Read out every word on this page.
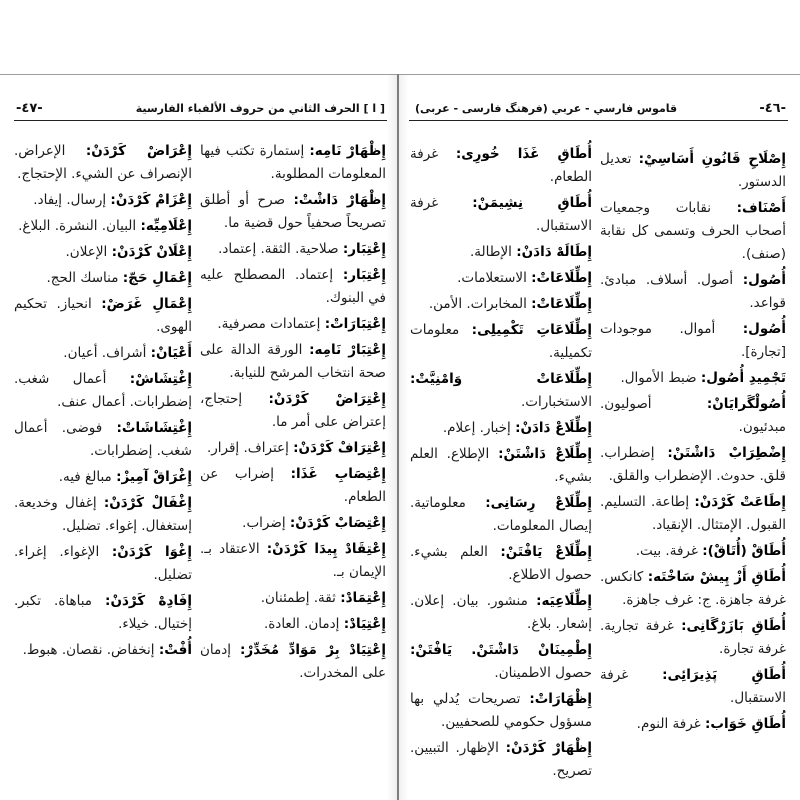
-٤٧-	[ ا ] الحرف الثاني من حروف الألفباء الفارسية

إِظْهَارْ نَامِه: إستمارة تكتب فيها المعلومات المطلوبة.

إِظْهَارْ دَاشْتْ: صرح أو أطلق تصريحاً صحفياً حول قضية ما.

إِعْتِبَار: صلاحية. الثقة. إعتماد.

إِعْتِبَار: إعتماد. المصطلح عليه في البنوك.

إِعْتِبَارَاتْ: إعتمادات مصرفية.

إِعْتِبَارْ نَامِه: الورقة الدالة على صحة انتخاب المرشح للنيابة.

إِعْتِرَاضْ كَرْدَنْ: إحتجاج، إعتراض على أمر ما.

إِعْتِرَافْ كَرْدَنْ: إعتراف. إقرار.

إِعْتِصَابِ غَذَا: إضراب عن الطعام.

إِعْتِصَابْ كَرْدَنْ: إضراب.

إِعْتِقَادْ پِيدَا كَرْدَنْ: الاعتقاد بـ. الإيمان بـ.

إِعْتِمَادْ: ثقة. إطمئنان.

إِعْتِيَادْ: إدمان. العادة.

إِعْتِيَادْ بِرْ مَوَادِّ مُخَدِّرْ: إدمان على المخدرات.

إِعْرَاضْ كَرْدَنْ: الإعراض. الإنصراف عن الشيء. الإحتجاج.

إِعْزَامْ كَرْدَنْ: إرسال. إيفاد.

إِعْلَامِيِّه: البيان. النشرة. البلاغ.

إِعْلَانْ كَرْدَنْ: الإعلان.

إِعْمَالِ حَجّ: مناسك الحج.

إِعْمَالِ غَرَضْ: انحياز. تحكيم الهوى.

أَعْيَانْ: أشراف. أعيان.

إِغْتِشَاشْ: أعمال شغب. إضطرابات. أعمال عنف.

إِغْتِشَاشَاتْ: فوضى. أعمال شغب. إضطرابات.

إِغْرَاقْ آمِيزْ: مبالغ فيه.

إِغْفَالْ كَرْدَنْ: إغفال وخديعة. إستغفال. إغواء. تضليل.

إِغْوَا كَرْدَنْ: الإغواء. إغراء. تضليل.

إِفَادِهْ كَرْدَنْ: مباهاة. تكبر. إختيال. خيلاء.

أُفْتْ: إنخفاض. نقصان. هبوط.

-٤٦-
قاموس فارسي - عربي (فرهنگ فارسى - عربى)

إِصْلَاحِ قَانُونِ أَسَاسِيْ: تعديل الدستور.

أَصْنَاف: نقابات وجمعيات أصحاب الحرف وتسمى كل نقابة (صنف).

أُصُول: أصول. أسلاف. مبادئ. قواعد.

أُصُول: أموال. موجودات [تجارة].

تَجْمِيدِ أُصُول: ضبط الأموال.

أُصُولْگَرايَانْ: أصوليون. مبدئيون.

إِضْطِرَابْ دَاشْتَنْ: إضطراب. قلق. حدوث. الإضطراب والقلق.

إِطَاعَتْ كَرْدَنْ: إطاعة. التسليم. القبول. الإمتثال. الإنقياد.

أُطَاقْ (أُتَاقْ): غرفة. بيت.

أُطَاقِ أَزْ پِيشْ سَاخْتَه: كانكس. غرفة جاهزة. ج: غرف جاهزة.

أُطَاقِ بَازَرْگَانِى: غرفة تجارية. غرفة تجارة.

أُطَاقِ پَذِيرَائِى: غرفة الاستقبال.

أُطَاقِ خَوَاب: غرفة النوم.

أُطَاقِ غَذَا خُورِى: غرفة الطعام.

أُطَاقِ نِشِيمَنْ: غرفة الاستقبال.

إِطَالَهْ دَادَنْ: الإطالة.

إِطِّلَاعَاتْ: الاستعلامات.

إِطِّلَاعَاتْ: المخابرات. الأمن.

إِطِّلَاعَاتِ تَكْمِيلِى: معلومات تكميلية.

إِطِّلَاعَاتْ وَامْنِيَّتْ: الاستخبارات.

إِطِّلَاعْ دَادَنْ: إخبار. إعلام.

إِطِّلَاعْ دَاشْتَنْ: الإطلاع. العلم بشيء.

إِطِّلَاعْ رِسَانِى: معلوماتية. إيصال المعلومات.

إِطِّلَاعْ يَافْتَنْ: العلم بشيء. حصول الاطلاع.

إِطِّلَاعِيَه: منشور. بيان. إعلان. إشعار. بلاغ.

إِطْمِينَانْ دَاشْتَنْ. يَافْتَنْ: حصول الاطمينان.

إِظْهَارَاتْ: تصريحات يُدلي بها مسؤول حكومي للصحفيين.

إِظْهَارْ كَرْدَنْ: الإظهار. التبيين. تصريح.
